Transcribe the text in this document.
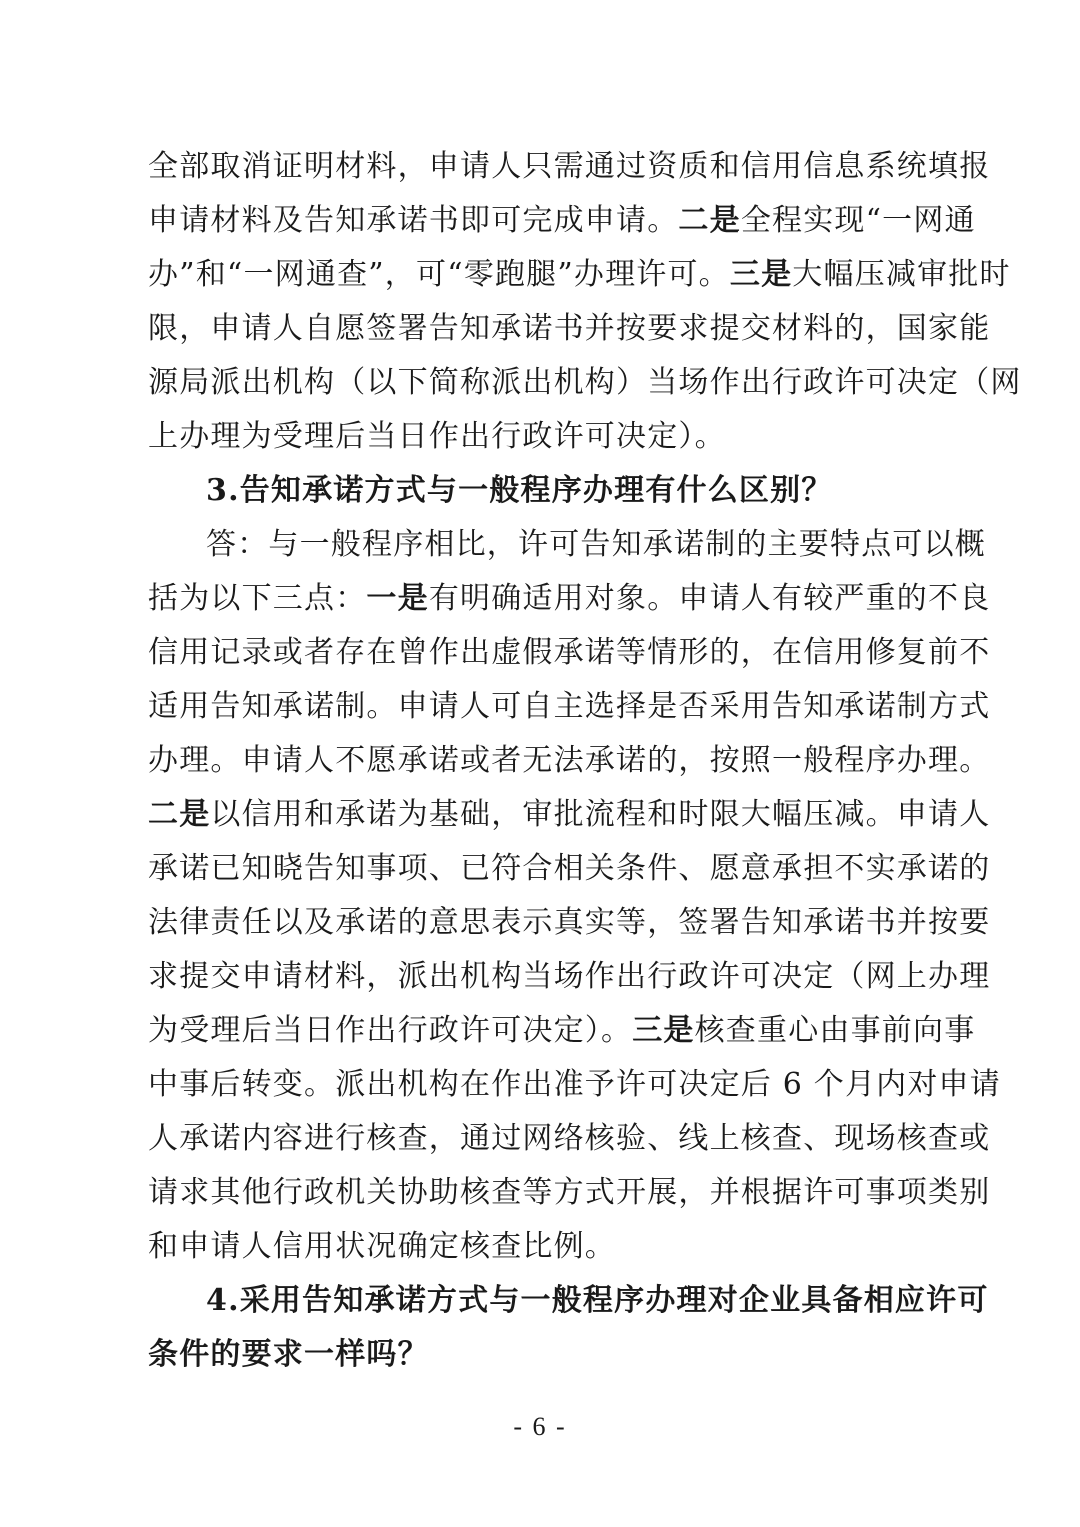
全部取消证明材料，申请人只需通过资质和信用信息系统填报
申请材料及告知承诺书即可完成申请。二是全程实现“一网通
办”和“一网通查”，可“零跑腿”办理许可。三是大幅压减审批时
限，申请人自愿签署告知承诺书并按要求提交材料的，国家能
源局派出机构（以下简称派出机构）当场作出行政许可决定（网
上办理为受理后当日作出行政许可决定）。
3.告知承诺方式与一般程序办理有什么区别？
答：与一般程序相比，许可告知承诺制的主要特点可以概
括为以下三点：一是有明确适用对象。申请人有较严重的不良
信用记录或者存在曾作出虚假承诺等情形的，在信用修复前不
适用告知承诺制。申请人可自主选择是否采用告知承诺制方式
办理。申请人不愿承诺或者无法承诺的，按照一般程序办理。
二是以信用和承诺为基础，审批流程和时限大幅压减。申请人
承诺已知晓告知事项、已符合相关条件、愿意承担不实承诺的
法律责任以及承诺的意思表示真实等，签署告知承诺书并按要
求提交申请材料，派出机构当场作出行政许可决定（网上办理
为受理后当日作出行政许可决定）。三是核查重心由事前向事
中事后转变。派出机构在作出准予许可决定后 6 个月内对申请
人承诺内容进行核查，通过网络核验、线上核查、现场核查或
请求其他行政机关协助核查等方式开展，并根据许可事项类别
和申请人信用状况确定核查比例。
4.采用告知承诺方式与一般程序办理对企业具备相应许可
条件的要求一样吗？
- 6 -
